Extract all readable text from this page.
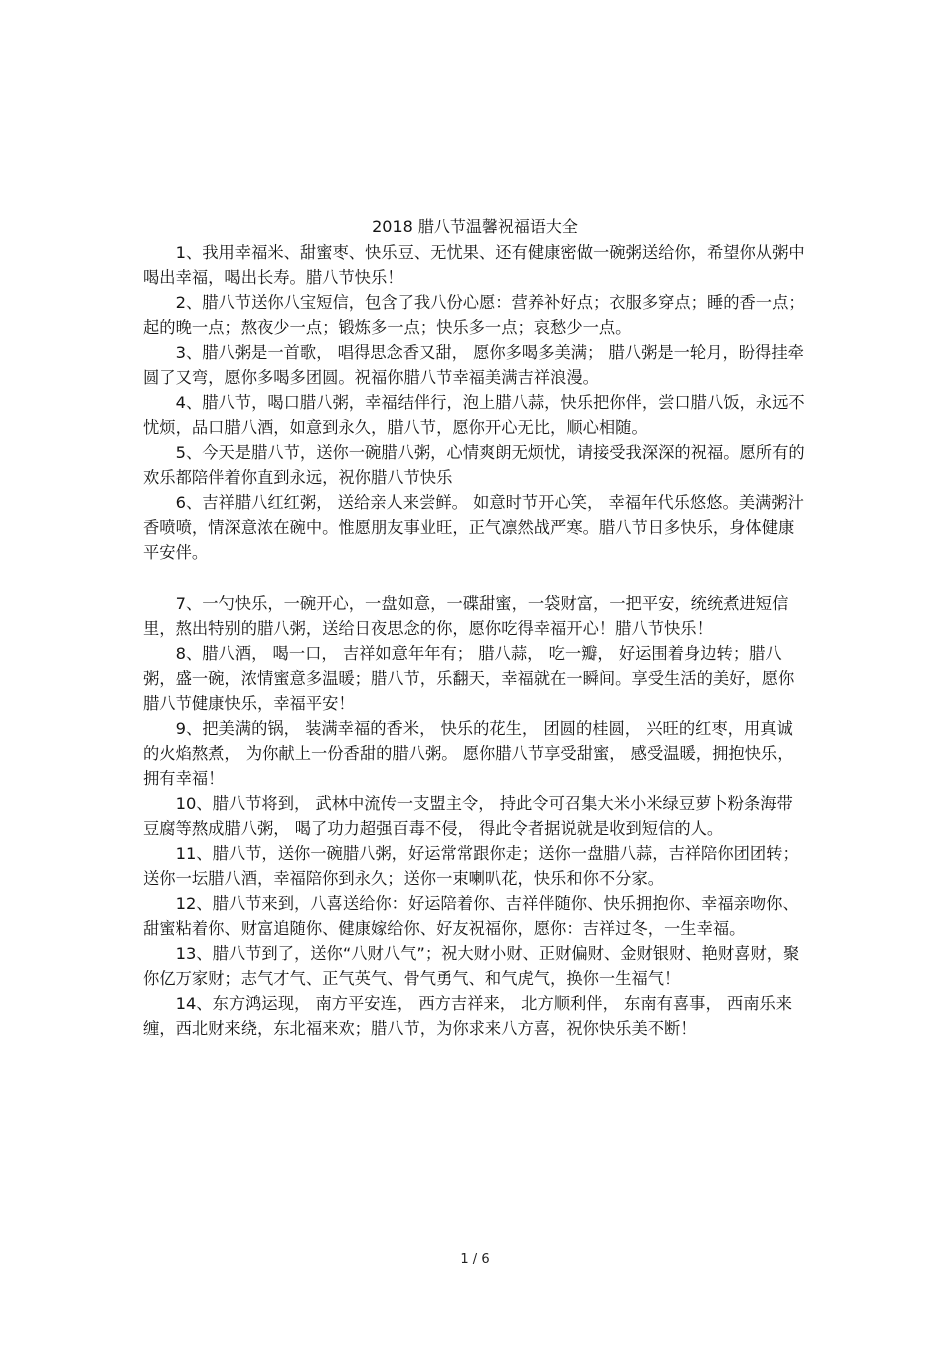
2018 腊八节温馨祝福语大全

1、我用幸福米、甜蜜枣、快乐豆、无忧果、还有健康密做一碗粥送给你，希望你从粥中喝出幸福，喝出长寿。腊八节快乐！

2、腊八节送你八宝短信，包含了我八份心愿：营养补好点；衣服多穿点；睡的香一点；起的晚一点；熬夜少一点；锻炼多一点；快乐多一点；哀愁少一点。

3、腊八粥是一首歌， 唱得思念香又甜， 愿你多喝多美满； 腊八粥是一轮月，盼得挂牵圆了又弯，愿你多喝多团圆。祝福你腊八节幸福美满吉祥浪漫。

4、腊八节，喝口腊八粥，幸福结伴行，泡上腊八蒜，快乐把你伴，尝口腊八饭，永远不忧烦，品口腊八酒，如意到永久，腊八节，愿你开心无比，顺心相随。

5、今天是腊八节，送你一碗腊八粥，心情爽朗无烦忧，请接受我深深的祝福。愿所有的欢乐都陪伴着你直到永远，祝你腊八节快乐

6、吉祥腊八红红粥， 送给亲人来尝鲜。 如意时节开心笑， 幸福年代乐悠悠。美满粥汁香喷喷，情深意浓在碗中。惟愿朋友事业旺，正气凛然战严寒。腊八节日多快乐，身体健康平安伴。

7、一勺快乐，一碗开心，一盘如意，一碟甜蜜，一袋财富，一把平安，统统煮进短信里，熬出特别的腊八粥，送给日夜思念的你，愿你吃得幸福开心！腊八节快乐！

8、腊八酒， 喝一口， 吉祥如意年年有； 腊八蒜， 吃一瓣， 好运围着身边转；腊八粥，盛一碗，浓情蜜意多温暖；腊八节，乐翻天，幸福就在一瞬间。享受生活的美好，愿你腊八节健康快乐，幸福平安！

9、把美满的锅， 装满幸福的香米， 快乐的花生， 团圆的桂圆， 兴旺的红枣，用真诚的火焰熬煮， 为你献上一份香甜的腊八粥。 愿你腊八节享受甜蜜， 感受温暖，拥抱快乐，拥有幸福！

10、腊八节将到， 武林中流传一支盟主令， 持此令可召集大米小米绿豆萝卜粉条海带豆腐等熬成腊八粥， 喝了功力超强百毒不侵， 得此令者据说就是收到短信的人。

11、腊八节，送你一碗腊八粥，好运常常跟你走；送你一盘腊八蒜，吉祥陪你团团转；送你一坛腊八酒，幸福陪你到永久；送你一束喇叭花，快乐和你不分家。

12、腊八节来到，八喜送给你：好运陪着你、吉祥伴随你、快乐拥抱你、幸福亲吻你、甜蜜粘着你、财富追随你、健康嫁给你、好友祝福你，愿你：吉祥过冬，一生幸福。

13、腊八节到了，送你“八财八气”；祝大财小财、正财偏财、金财银财、艳财喜财，聚你亿万家财；志气才气、正气英气、骨气勇气、和气虎气，换你一生福气！

14、东方鸿运现， 南方平安连， 西方吉祥来， 北方顺利伴， 东南有喜事， 西南乐来缠，西北财来绕，东北福来欢；腊八节，为你求来八方喜，祝你快乐美不断！

1 / 6
